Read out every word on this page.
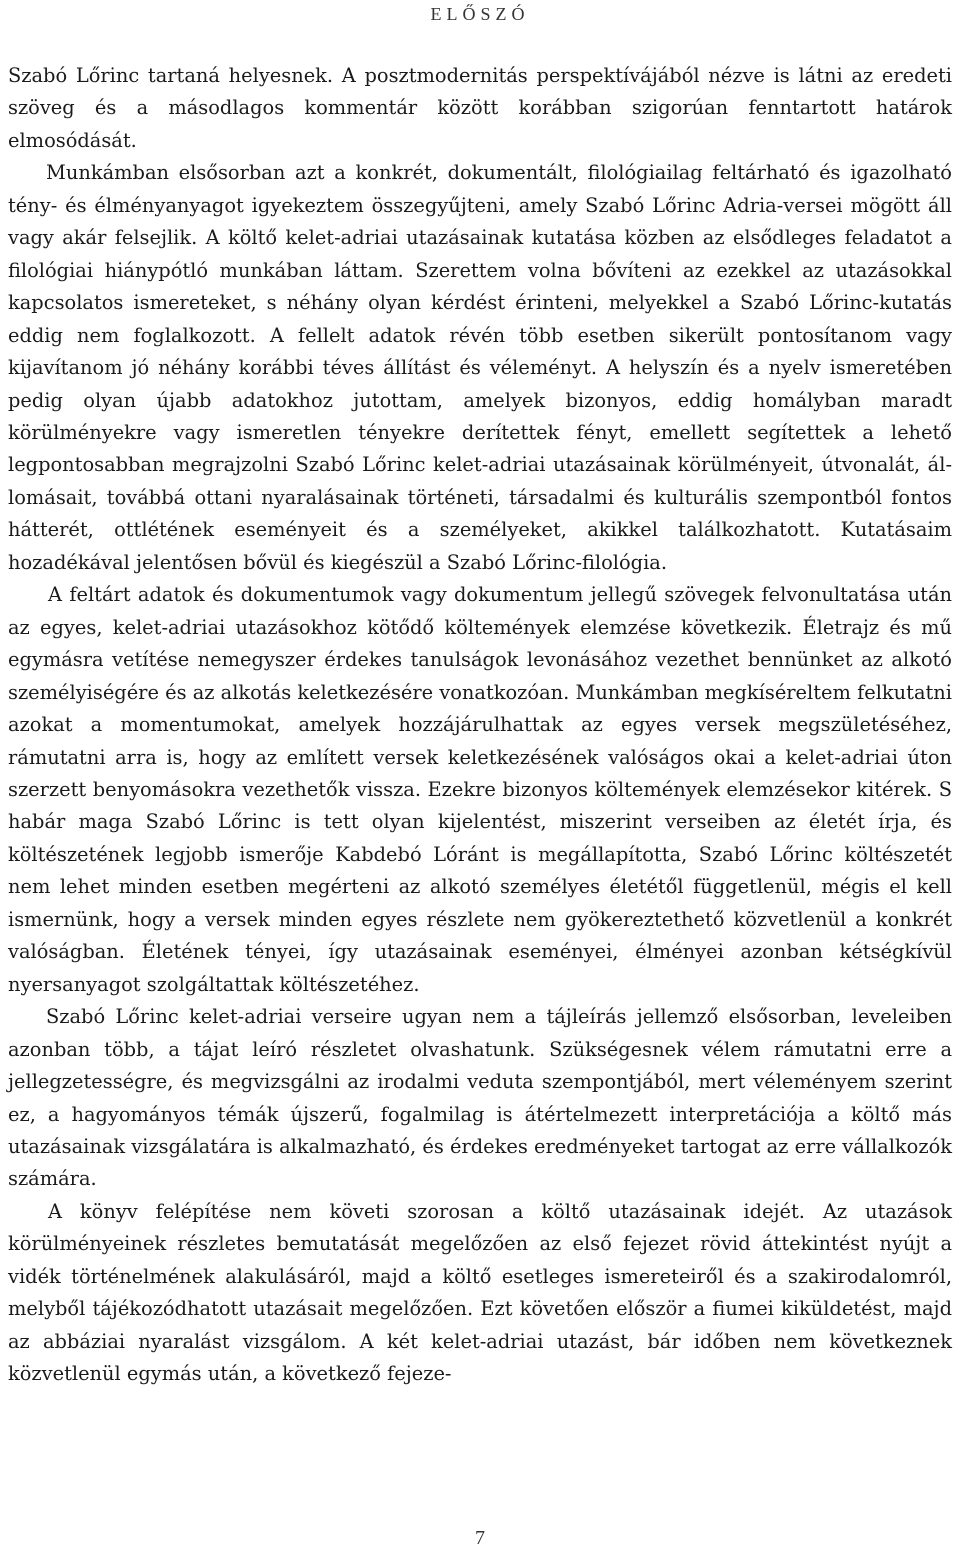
ELŐSZÓ

Szabó Lőrinc tartaná helyesnek. A posztmodernitás perspektívájából nézve is látni az eredeti szöveg és a másodlagos kommentár között korábban szigorúan fenntartott határok elmosódását.

Munkámban elsősorban azt a konkrét, dokumentált, filológiailag feltárható és igazolható tény- és élményanyagot igyekeztem összegyűjteni, amely Szabó Lőrinc Adria-versei mögött áll vagy akár felsejlik. A költő kelet-adriai utazásainak kutatása közben az elsődleges feladatot a filológiai hiánypótló munkában láttam. Szerettem volna bővíteni az ezekkel az utazásokkal kapcsolatos ismereteket, s néhány olyan kérdést érinteni, melyekkel a Szabó Lőrinc-kutatás eddig nem foglalkozott. A fellelt adatok révén több esetben sikerült pontosítanom vagy kijavítanom jó néhány korábbi téves állítást és véleményt. A helyszín és a nyelv ismeretében pedig olyan újabb adatokhoz jutottam, amelyek bizonyos, eddig homályban maradt körülményekre vagy ismeretlen tényekre derítettek fényt, emellett segítettek a lehető legpontosabban megrajzolni Szabó Lőrinc kelet-adriai utazásainak körülményeit, útvonalát, állomásait, továbbá ottani nyaralásainak történeti, társadalmi és kulturális szempontból fontos hátterét, ottlétének eseményeit és a személyeket, akikkel találkozhatott. Kutatásaim hozadékával jelentősen bővül és kiegészül a Szabó Lőrinc-filológia.

A feltárt adatok és dokumentumok vagy dokumentum jellegű szövegek felvonultatása után az egyes, kelet-adriai utazásokhoz kötődő költemények elemzése következik. Életrajz és mű egymásra vetítése nemegyszer érdekes tanulságok levonásához vezethet bennünket az alkotó személyiségére és az alkotás keletkezésére vonatkozóan. Munkámban megkíséreltem felkutatni azokat a momentumokat, amelyek hozzájárulhattak az egyes versek megszületéséhez, rámutatni arra is, hogy az említett versek keletkezésének valóságos okai a kelet-adriai úton szerzett benyomásokra vezethetők vissza. Ezekre bizonyos költemények elemzésekor kitérek. S habár maga Szabó Lőrinc is tett olyan kijelentést, miszerint verseiben az életét írja, és költészetének legjobb ismerője Kabdebó Lóránt is megállapította, Szabó Lőrinc költészetét nem lehet minden esetben megérteni az alkotó személyes életétől függetlenül, mégis el kell ismernünk, hogy a versek minden egyes részlete nem gyökereztethető közvetlenül a konkrét valóságban. Életének tényei, így utazásainak eseményei, élményei azonban kétségkívül nyersanyagot szolgáltattak költészetéhez.

Szabó Lőrinc kelet-adriai verseire ugyan nem a tájleírás jellemző elsősorban, leveleiben azonban több, a tájat leíró részletet olvashatunk. Szükségesnek vélem rámutatni erre a jellegzetességre, és megvizsgálni az irodalmi veduta szempontjából, mert véleményem szerint ez, a hagyományos témák újszerű, fogalmilag is átértelmezett interpretációja a költő más utazásainak vizsgálatára is alkalmazható, és érdekes eredményeket tartogat az erre vállalkozók számára.

A könyv felépítése nem követi szorosan a költő utazásainak idejét. Az utazások körülményeinek részletes bemutatását megelőzően az első fejezet rövid áttekintést nyújt a vidék történelmének alakulásáról, majd a költő esetleges ismereteiről és a szakirodalomról, melyből tájékozódhatott utazásait megelőzően. Ezt követően először a fiumei kiküldetést, majd az abbáziai nyaralást vizsgálom. A két kelet-adriai utazást, bár időben nem következnek közvetlenül egymás után, a következő fejeze-

7
